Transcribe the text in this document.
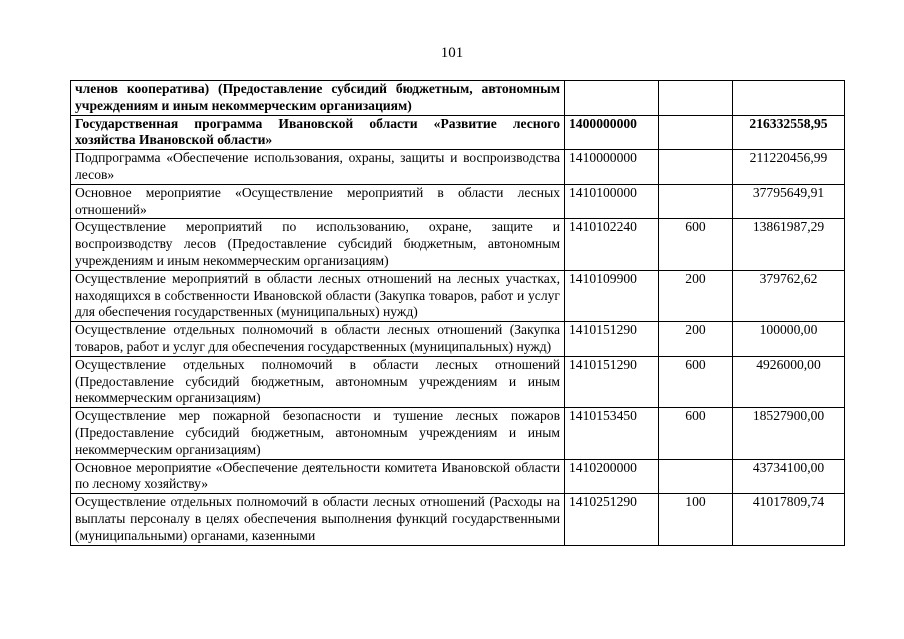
101
членов кооператива) (Предоставление субсидий бюджетным, автономным учреждениям и иным некоммерческим организациям)			
Государственная программа Ивановской области «Развитие лесного хозяйства Ивановской области»	1400000000		216332558,95
Подпрограмма «Обеспечение использования, охраны, защиты и воспроизводства лесов»	1410000000		211220456,99
Основное мероприятие «Осуществление мероприятий в области лесных отношений»	1410100000		37795649,91
Осуществление мероприятий по использованию, охране, защите и воспроизводству лесов (Предоставление субсидий бюджетным, автономным учреждениям и иным некоммерческим организациям)	1410102240	600	13861987,29
Осуществление мероприятий в области лесных отношений на лесных участках, находящихся в собственности Ивановской области (Закупка товаров, работ и услуг для обеспечения государственных (муниципальных) нужд)	1410109900	200	379762,62
Осуществление отдельных полномочий в области лесных отношений (Закупка товаров, работ и услуг для обеспечения государственных (муниципальных) нужд)	1410151290	200	100000,00
Осуществление отдельных полномочий в области лесных отношений (Предоставление субсидий бюджетным, автономным учреждениям и иным некоммерческим организациям)	1410151290	600	4926000,00
Осуществление мер пожарной безопасности и тушение лесных пожаров (Предоставление субсидий бюджетным, автономным учреждениям и иным некоммерческим организациям)	1410153450	600	18527900,00
Основное мероприятие «Обеспечение деятельности комитета Ивановской области по лесному хозяйству»	1410200000		43734100,00
Осуществление отдельных полномочий в области лесных отношений (Расходы на выплаты персоналу в целях обеспечения выполнения функций государственными (муниципальными) органами, казенными	1410251290	100	41017809,74
